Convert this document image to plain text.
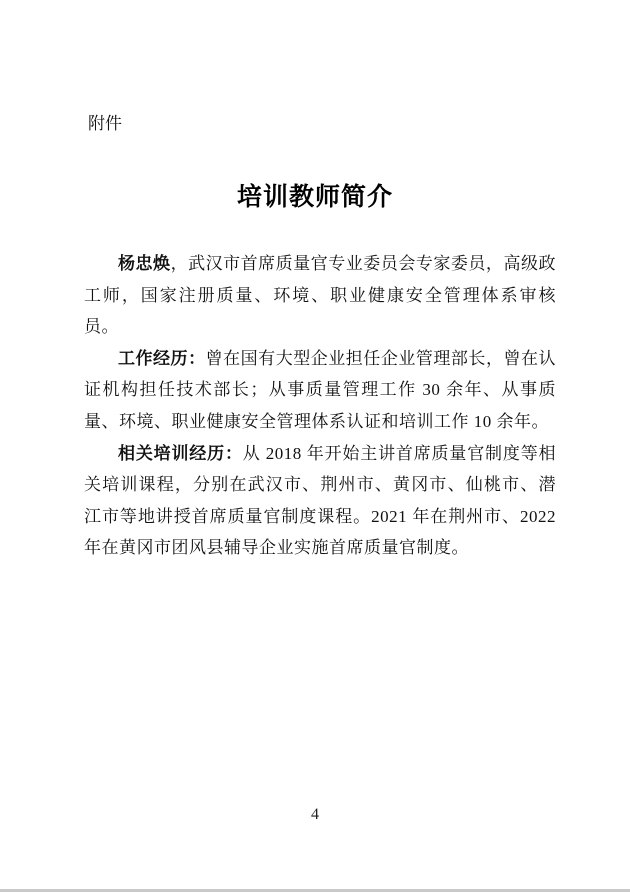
附件
培训教师简介

杨忠焕，武汉市首席质量官专业委员会专家委员，高级政工师，国家注册质量、环境、职业健康安全管理体系审核员。

工作经历：曾在国有大型企业担任企业管理部长，曾在认证机构担任技术部长；从事质量管理工作 30 余年、从事质量、环境、职业健康安全管理体系认证和培训工作 10 余年。

相关培训经历：从 2018 年开始主讲首席质量官制度等相关培训课程，分别在武汉市、荆州市、黄冈市、仙桃市、潜江市等地讲授首席质量官制度课程。2021 年在荆州市、2022 年在黄冈市团风县辅导企业实施首席质量官制度。

4
